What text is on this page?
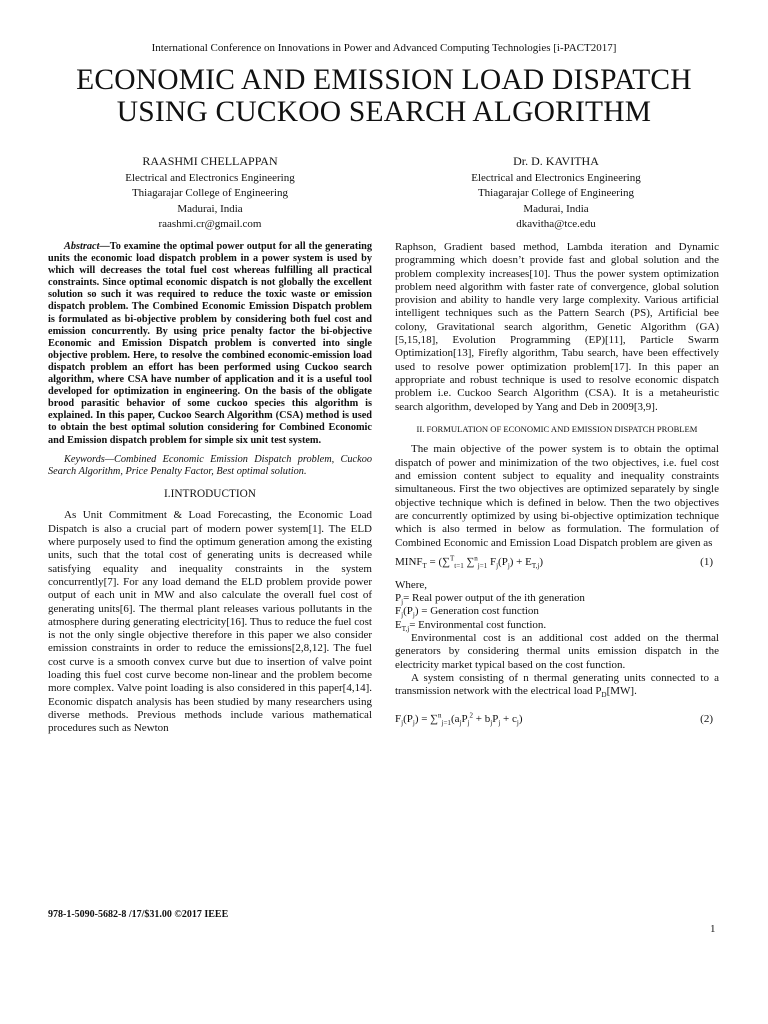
International Conference on Innovations in Power and Advanced Computing Technologies [i-PACT2017]
ECONOMIC AND EMISSION LOAD DISPATCH
USING CUCKOO SEARCH ALGORITHM
RAASHMI CHELLAPPAN
Electrical and Electronics Engineering
Thiagarajar College of Engineering
Madurai, India
raashmi.cr@gmail.com
Dr. D. KAVITHA
Electrical and Electronics Engineering
Thiagarajar College of Engineering
Madurai, India
dkavitha@tce.edu

Abstract—To examine the optimal power output for all the generating units the economic load dispatch problem in a power system is used by which will decreases the total fuel cost whereas fulfilling all practical constraints. Since optimal economic dispatch is not globally the excellent solution so such it was required to reduce the toxic waste or emission dispatch problem. The Combined Economic Emission Dispatch problem is formulated as bi-objective problem by considering both fuel cost and emission concurrently. By using price penalty factor the bi-objective Economic and Emission Dispatch problem is converted into single objective problem. Here, to resolve the combined economic-emission load dispatch problem an effort has been performed using Cuckoo search algorithm, where CSA have number of application and it is a useful tool developed for optimization in engineering. On the basis of the obligate brood parasitic behavior of some cuckoo species this algorithm is explained. In this paper, Cuckoo Search Algorithm (CSA) method is used to obtain the best optimal solution considering for Combined Economic and Emission dispatch problem for simple six unit test system.

Keywords—Combined Economic Emission Dispatch problem, Cuckoo Search Algorithm, Price Penalty Factor, Best optimal solution.

I.INTRODUCTION

As Unit Commitment & Load Forecasting, the Economic Load Dispatch is also a crucial part of modern power system[1]. The ELD where purposely used to find the optimum generation among the existing units, such that the total cost of generating units is decreased while satisfying equality and inequality constraints in the system concurrently[7]. For any load demand the ELD problem provide power output of each unit in MW and also calculate the overall fuel cost of generating units[6]. The thermal plant releases various pollutants in the atmosphere during generating electricity[16]. Thus to reduce the fuel cost is not the only single objective therefore in this paper we also consider emission constraints in order to reduce the emissions[2,8,12]. The fuel cost curve is a smooth convex curve but due to insertion of valve point loading this fuel cost curve become non-linear and the problem become more complex. Valve point loading is also considered in this paper[4,14]. Economic dispatch analysis has been studied by many researchers using diverse methods. Previous methods include various mathematical procedures such as Newton

Raphson, Gradient based method, Lambda iteration and Dynamic programming which doesn’t provide fast and global solution and the problem complexity increases[10]. Thus the power system optimization problem need algorithm with faster rate of convergence, global solution provision and ability to handle very large complexity. Various artificial intelligent techniques such as the Pattern Search (PS), Artificial bee colony, Gravitational search algorithm, Genetic Algorithm (GA)[5,15,18], Evolution Programming (EP)[11], Particle Swarm Optimization[13], Firefly algorithm, Tabu search, have been effectively used to resolve power optimization problem[17]. In this paper an appropriate and robust technique is used to resolve economic dispatch problem i.e. Cuckoo Search Algorithm (CSA). It is a metaheuristic search algorithm, developed by Yang and Deb in 2009[3,9].

II. FORMULATION OF ECONOMIC AND EMISSION DISPATCH PROBLEM

The main objective of the power system is to obtain the optimal dispatch of power and minimization of the two objectives, i.e. fuel cost and emission content subject to equality and inequality constraints simultaneous. First the two objectives are optimized separately by single objective technique which is defined in below. Then the two objectives are concurrently optimized by using bi-objective optimization technique which is also termed in below as formulation. The formulation of Combined Economic and Emission Load Dispatch problem are given as

$MINF_T = (\sum^T_{t=1}$ ∑$^n_{j=1}$ $F_j(P_j) + E_{T,j}$)	(1)

Where,

$P_j=$ Real power output of the ith generation

$F_j(P_j)$ = Generation cost function

$E_{T,j}=$ Environmental cost function.

Environmental cost is an additional cost added on the thermal generators by considering thermal units emission dispatch in the electricity market typical based on the cost function.

A system consisting of n thermal generating units connected to a transmission network with the electrical load $P_D[MW]$.

$F_j(P_j) = \sum^n_{j=1}(a_jP_j^2 + b_jP_j + c_j)$	(2)
978-1-5090-5682-8 /17/$31.00 ©2017 IEEE
1
